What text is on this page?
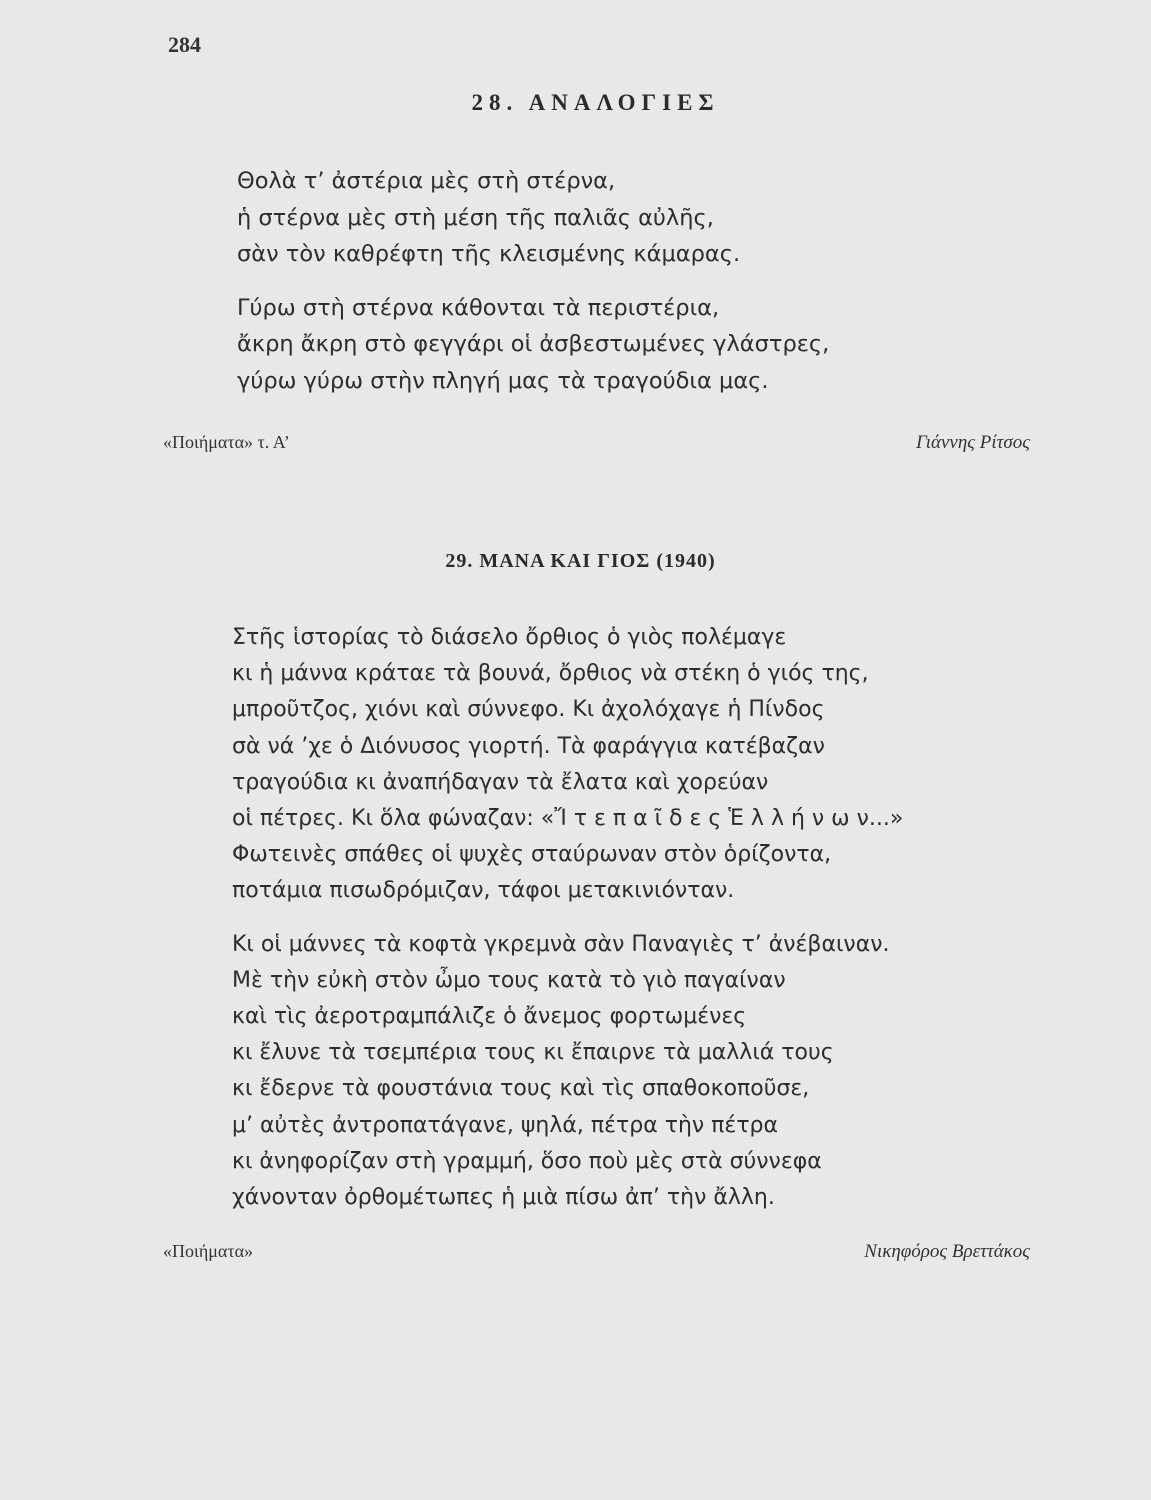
284
28. ΑΝΑΛΟΓΙΕΣ
Θολὰ τ’ ἀστέρια μὲς στὴ στέρνα,
ἡ στέρνα μὲς στὴ μέση τῆς παλιᾶς αὐλῆς,
σὰν τὸν καθρέφτη τῆς κλεισμένης κάμαρας.
Γύρω στὴ στέρνα κάθονται τὰ περιστέρια,
ἄκρη ἄκρη στὸ φεγγάρι οἱ ἀσβεστωμένες γλάστρες,
γύρω γύρω στὴν πληγή μας τὰ τραγούδια μας.
«Ποιήματα» τ. Α’	Γιάννης Ρίτσος
29. ΜΑΝΑ ΚΑΙ ΓΙΟΣ (1940)
Στῆς ἱστορίας τὸ διάσελο ὄρθιος ὁ γιὸς πολέμαγε
κι ἡ μάννα κράταε τὰ βουνά, ὄρθιος νὰ στέκη ὁ γιός της,
μπροῦτζος, χιόνι καὶ σύννεφο. Κι ἀχολόχαγε ἡ Πίνδος
σὰ νά ’χε ὁ Διόνυσος γιορτή. Τὰ φαράγγια κατέβαζαν
τραγούδια κι ἀναπήδαγαν τὰ ἔλατα καὶ χορεύαν
οἱ πέτρες. Κι ὅλα φώναζαν: «Ἴ τ ε π α ῖ δ ε ς Ἑ λ λ ή ν ω ν...»
Φωτεινὲς σπάθες οἱ ψυχὲς σταύρωναν στὸν ὁρίζοντα,
ποτάμια πισωδρόμιζαν, τάφοι μετακινιόνταν.
Κι οἱ μάννες τὰ κοφτὰ γκρεμνὰ σὰν Παναγιὲς τ’ ἀνέβαιναν.
Μὲ τὴν εὐκὴ στὸν ὦμο τους κατὰ τὸ γιὸ παγαίναν
καὶ τὶς ἀεροτραμπάλιζε ὁ ἄνεμος φορτωμένες
κι ἔλυνε τὰ τσεμπέρια τους κι ἔπαιρνε τὰ μαλλιά τους
κι ἔδερνε τὰ φουστάνια τους καὶ τὶς σπαθοκοποῦσε,
μ’ αὐτὲς ἀντροπατάγανε, ψηλά, πέτρα τὴν πέτρα
κι ἀνηφορίζαν στὴ γραμμή, ὅσο ποὺ μὲς στὰ σύννεφα
χάνονταν ὀρθομέτωπες ἡ μιὰ πίσω ἀπ’ τὴν ἄλλη.
«Ποιήματα»	Νικηφόρος Βρεττάκος
